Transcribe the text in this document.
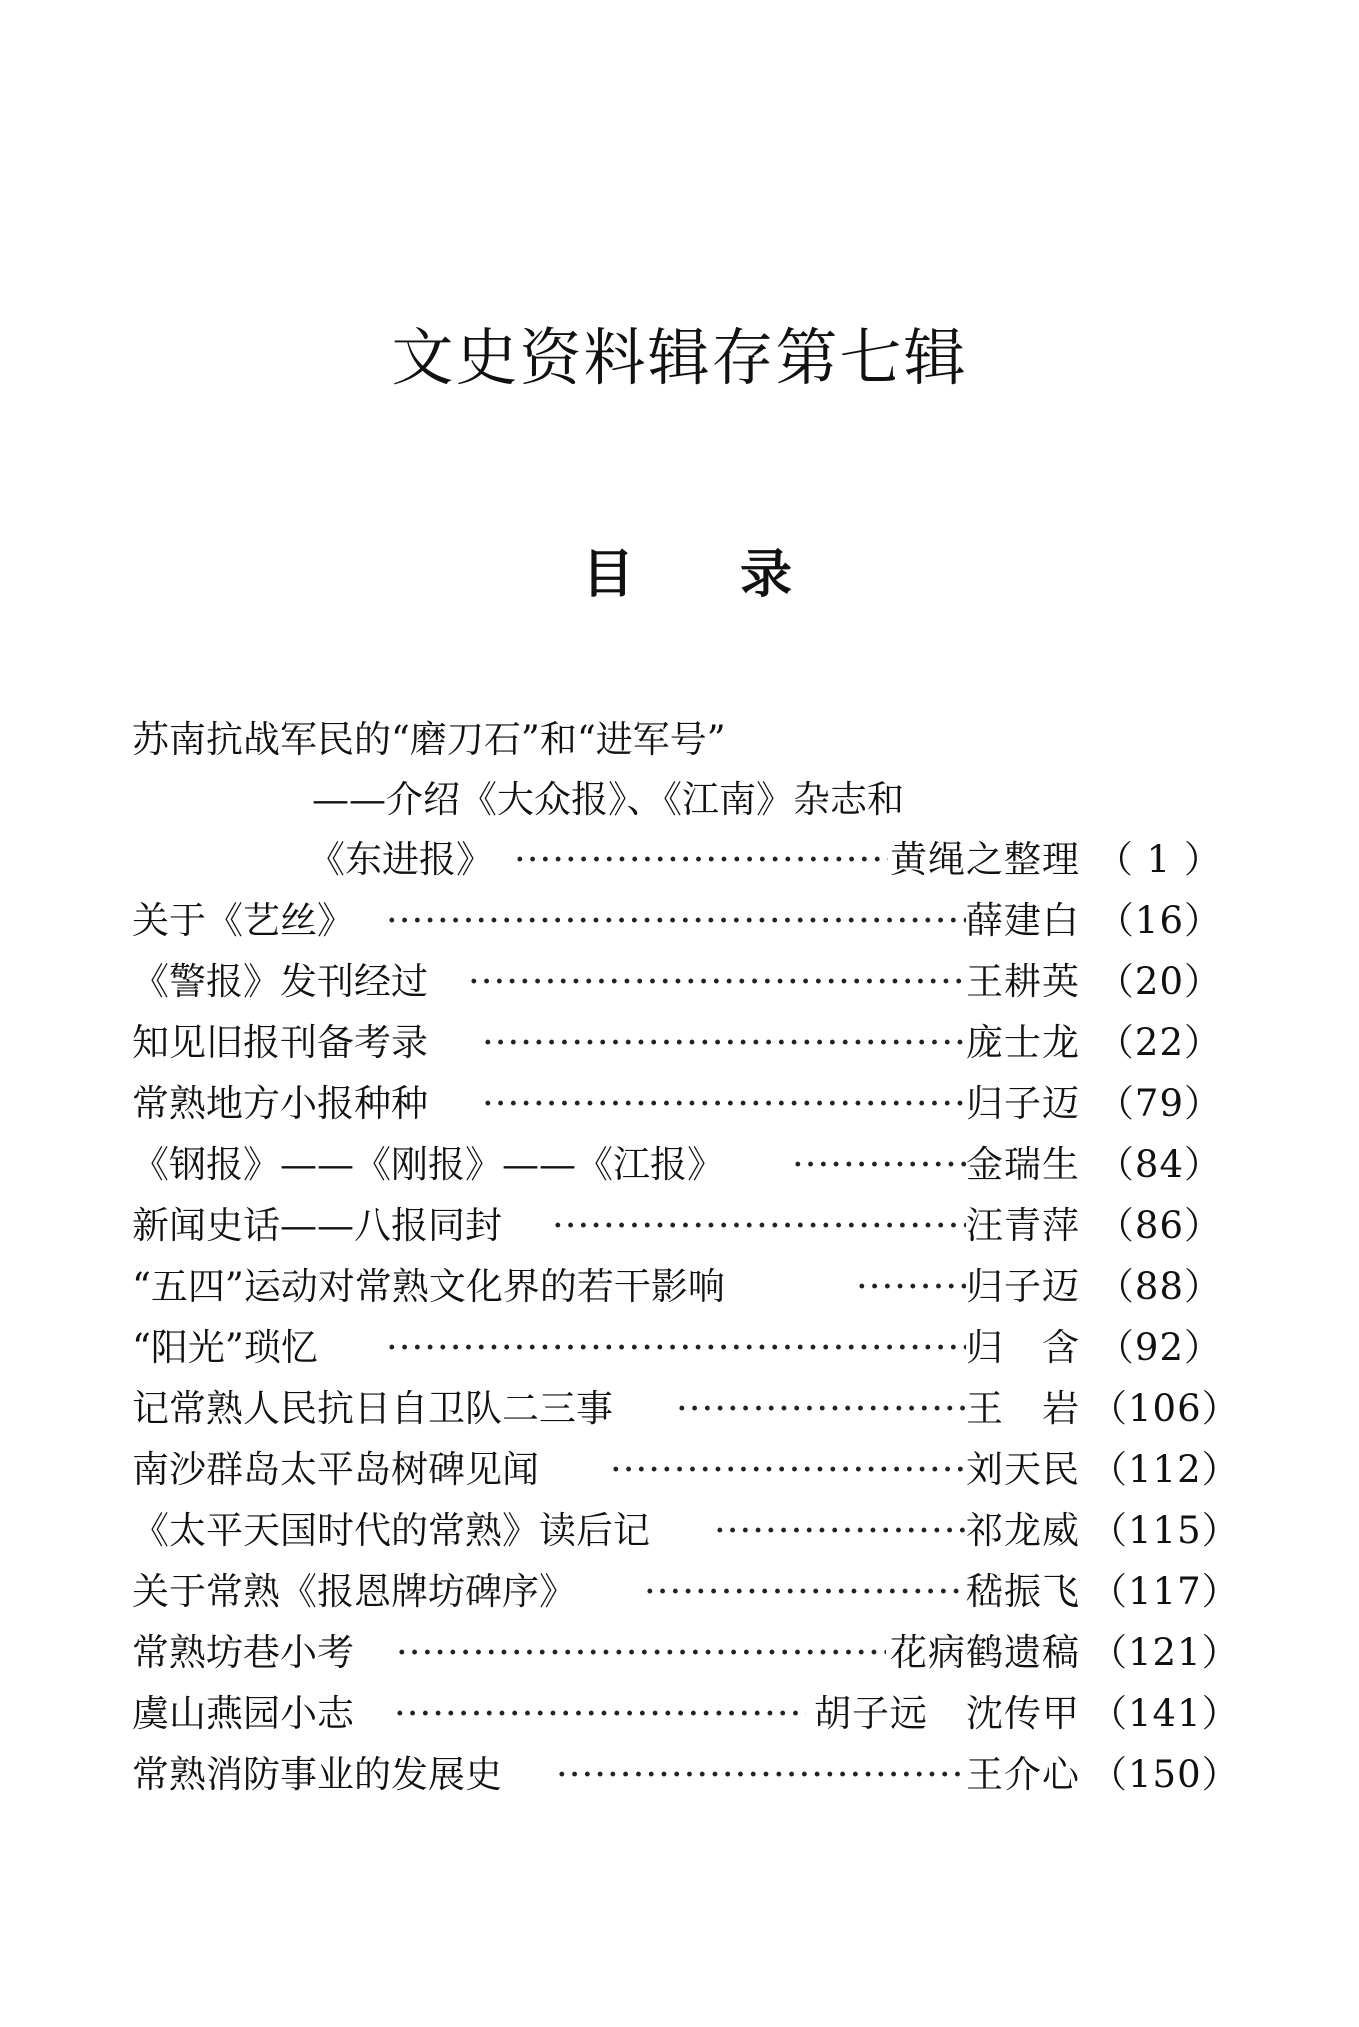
文史资料辑存第七辑
目 录
苏南抗战军民的“磨刀石”和“进军号”
——介绍《大众报》、《江南》杂志和
《东进报》 ·····	黄绳之整理 （ 1 ）
关于《艺丝》 ·····	薛建白 （16）
《警报》发刊经过 ·····	王耕英 （20）
知见旧报刊备考录 ·····	庞士龙 （22）
常熟地方小报种种 ·····	归子迈 （79）
《钢报》——《刚报》——《江报》 ·····	金瑞生 （84）
新闻史话——八报同封 ·····	汪青萍 （86）
“五四”运动对常熟文化界的若干影响 ·····	归子迈 （88）
“阳光”琐忆 ·····	归　含 （92）
记常熟人民抗日自卫队二三事 ·····	王　岩 （106）
南沙群岛太平岛树碑见闻 ·····	刘天民 （112）
《太平天国时代的常熟》读后记 ·····	祁龙威 （115）
关于常熟《报恩牌坊碑序》 ·····	嵇振飞 （117）
常熟坊巷小考 ·····	花病鹤遗稿 （121）
虞山燕园小志 ·····	胡子远　沈传甲 （141）
常熟消防事业的发展史 ·····	王介心 （150）
